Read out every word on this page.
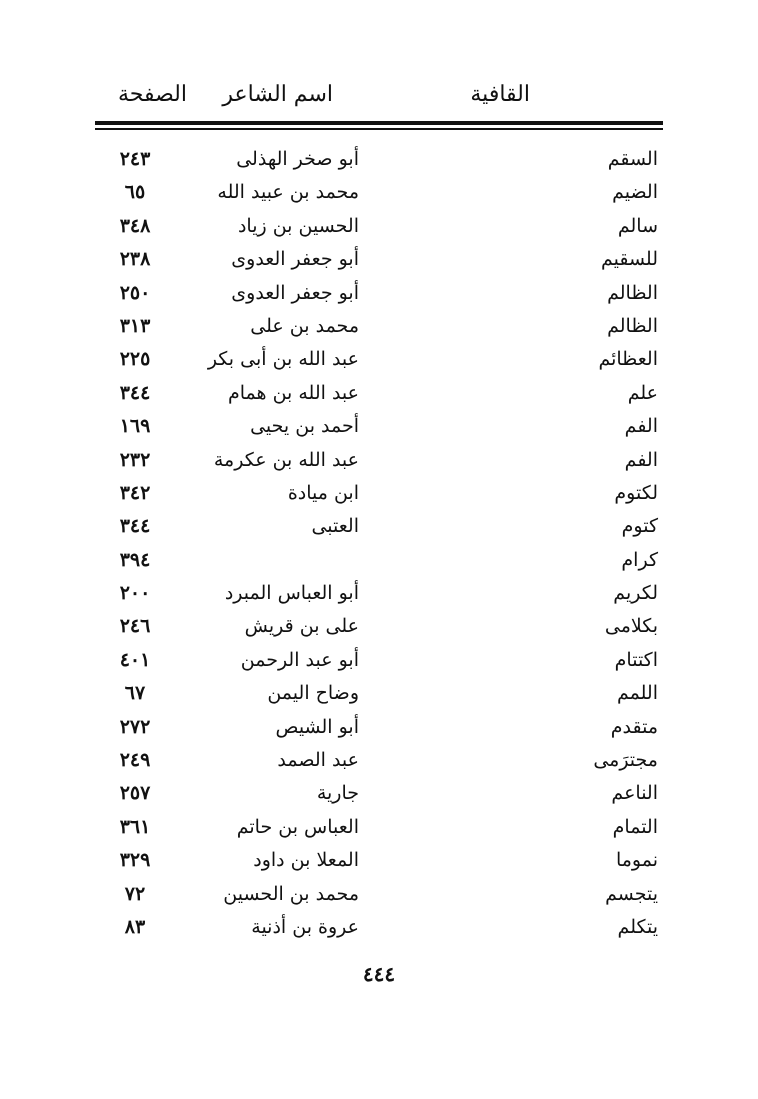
القافية
اسم الشاعر
الصفحة
السقم
أبو صخر الهذلى
٢٤٣
الضيم
محمد بن عبيد الله
٦٥
سالم
الحسين بن زياد
٣٤٨
للسقيم
أبو جعفر العدوى
٢٣٨
الظالم
أبو جعفر العدوى
٢٥٠
الظالم
محمد بن على
٣١٣
العظائم
عبد الله بن أبى بكر
٢٢٥
علم
عبد الله بن همام
٣٤٤
الفم
أحمد بن يحيى
١٦٩
الفم
عبد الله بن عكرمة
٢٣٢
لكتوم
ابن ميادة
٣٤٢
كتوم
العتبى
٣٤٤
كرام
٣٩٤
لكريم
أبو العباس المبرد
٢٠٠
بكلامى
على بن قريش
٢٤٦
اكتتام
أبو عبد الرحمن
٤٠١
اللمم
وضاح اليمن
٦٧
متقدم
أبو الشيص
٢٧٢
مجترَمى
عبد الصمد
٢٤٩
الناعم
جارية
٢٥٧
التمام
العباس بن حاتم
٣٦١
نموما
المعلا بن داود
٣٢٩
يتجسم
محمد بن الحسين
٧٢
يتكلم
عروة بن أذنية
٨٣
٤٤٤
